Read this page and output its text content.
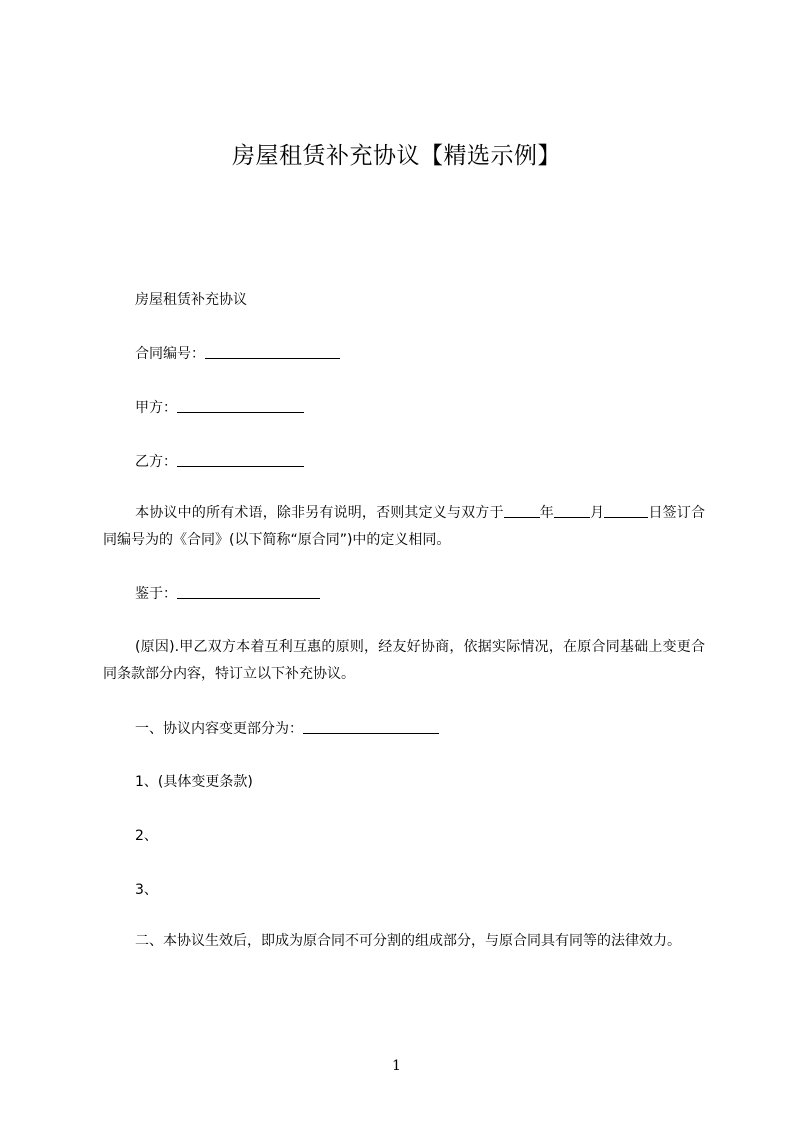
房屋租赁补充协议【精选示例】
房屋租赁补充协议
合同编号：
甲方：
乙方：
本协议中的所有术语，除非另有说明，否则其定义与双方于	年	月	日签订合同编号为的《合同》(以下简称“原合同”)中的定义相同。
鉴于：
(原因).甲乙双方本着互利互惠的原则，经友好协商，依据实际情况，在原合同基础上变更合同条款部分内容，特订立以下补充协议。
一、协议内容变更部分为：
1、(具体变更条款)
2、
3、
二、本协议生效后，即成为原合同不可分割的组成部分，与原合同具有同等的法律效力。
1
